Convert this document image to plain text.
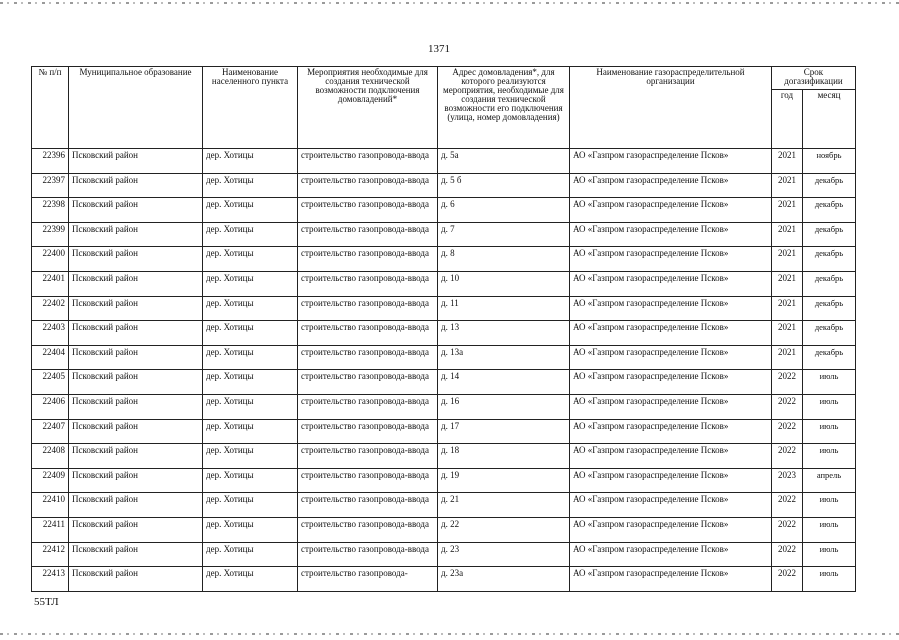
1371
№ п/п	Муниципальное образование	Наименование населенного пункта	Мероприятия необходимые для создания технической возможности подключения домовладений*	Адрес домовладения*, для которого реализуются мероприятия, необходимые для создания технической возможности его подключения (улица, номер домовладения)	Наименование газораспределительной организации	Срок догазификации	
						год	месяц
22396	Псковский район	дер. Хотицы	строительство газопровода-ввода	д. 5а	АО «Газпром газораспределение Псков»	2021	ноябрь
22397	Псковский район	дер. Хотицы	строительство газопровода-ввода	д. 5 б	АО «Газпром газораспределение Псков»	2021	декабрь
22398	Псковский район	дер. Хотицы	строительство газопровода-ввода	д. 6	АО «Газпром газораспределение Псков»	2021	декабрь
22399	Псковский район	дер. Хотицы	строительство газопровода-ввода	д. 7	АО «Газпром газораспределение Псков»	2021	декабрь
22400	Псковский район	дер. Хотицы	строительство газопровода-ввода	д. 8	АО «Газпром газораспределение Псков»	2021	декабрь
22401	Псковский район	дер. Хотицы	строительство газопровода-ввода	д. 10	АО «Газпром газораспределение Псков»	2021	декабрь
22402	Псковский район	дер. Хотицы	строительство газопровода-ввода	д. 11	АО «Газпром газораспределение Псков»	2021	декабрь
22403	Псковский район	дер. Хотицы	строительство газопровода-ввода	д. 13	АО «Газпром газораспределение Псков»	2021	декабрь
22404	Псковский район	дер. Хотицы	строительство газопровода-ввода	д. 13а	АО «Газпром газораспределение Псков»	2021	декабрь
22405	Псковский район	дер. Хотицы	строительство газопровода-ввода	д. 14	АО «Газпром газораспределение Псков»	2022	июль
22406	Псковский район	дер. Хотицы	строительство газопровода-ввода	д. 16	АО «Газпром газораспределение Псков»	2022	июль
22407	Псковский район	дер. Хотицы	строительство газопровода-ввода	д. 17	АО «Газпром газораспределение Псков»	2022	июль
22408	Псковский район	дер. Хотицы	строительство газопровода-ввода	д. 18	АО «Газпром газораспределение Псков»	2022	июль
22409	Псковский район	дер. Хотицы	строительство газопровода-ввода	д. 19	АО «Газпром газораспределение Псков»	2023	апрель
22410	Псковский район	дер. Хотицы	строительство газопровода-ввода	д. 21	АО «Газпром газораспределение Псков»	2022	июль
22411	Псковский район	дер. Хотицы	строительство газопровода-ввода	д. 22	АО «Газпром газораспределение Псков»	2022	июль
22412	Псковский район	дер. Хотицы	строительство газопровода-ввода	д. 23	АО «Газпром газораспределение Псков»	2022	июль
22413	Псковский район	дер. Хотицы	строительство газопровода-	д. 23а	АО «Газпром газораспределение Псков»	2022	июль
55ТЛ
